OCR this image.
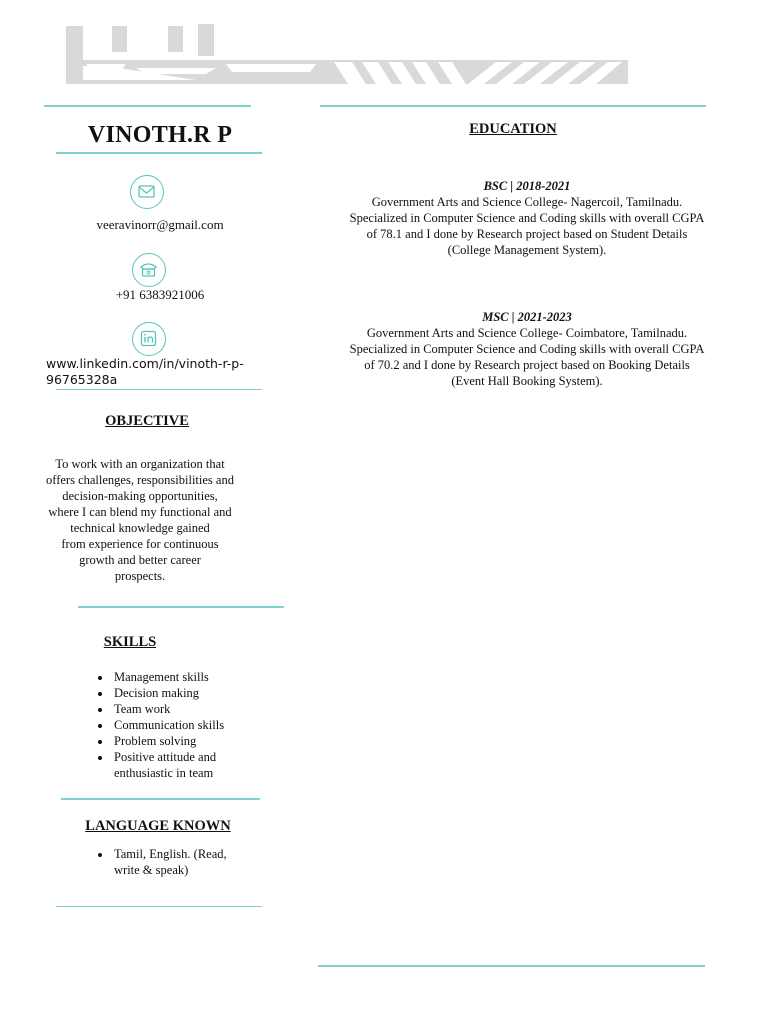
VINOTH.R P
veeravinorr@gmail.com
+91 6383921006
www.linkedin.com/in/vinoth-r-p-96765328a
OBJECTIVE
To work with an organization that
offers challenges, responsibilities and
decision-making opportunities,
where I can blend my functional and
technical knowledge gained
from experience for continuous
growth and better career
prospects.
SKILLS
• Management skills
• Decision making
• Team work
• Communication skills
• Problem solving
• Positive attitude and enthusiastic in team
LANGUAGE KNOWN
• Tamil, English. (Read, write & speak)
EDUCATION
BSC | 2018-2021
Government Arts and Science College- Nagercoil, Tamilnadu.
Specialized in Computer Science and Coding skills with overall CGPA
of 78.1 and I done by Research project based on Student Details
(College Management System).
MSC | 2021-2023
Government Arts and Science College- Coimbatore, Tamilnadu.
Specialized in Computer Science and Coding skills with overall CGPA
of 70.2 and I done by Research project based on Booking Details
(Event Hall Booking System).
